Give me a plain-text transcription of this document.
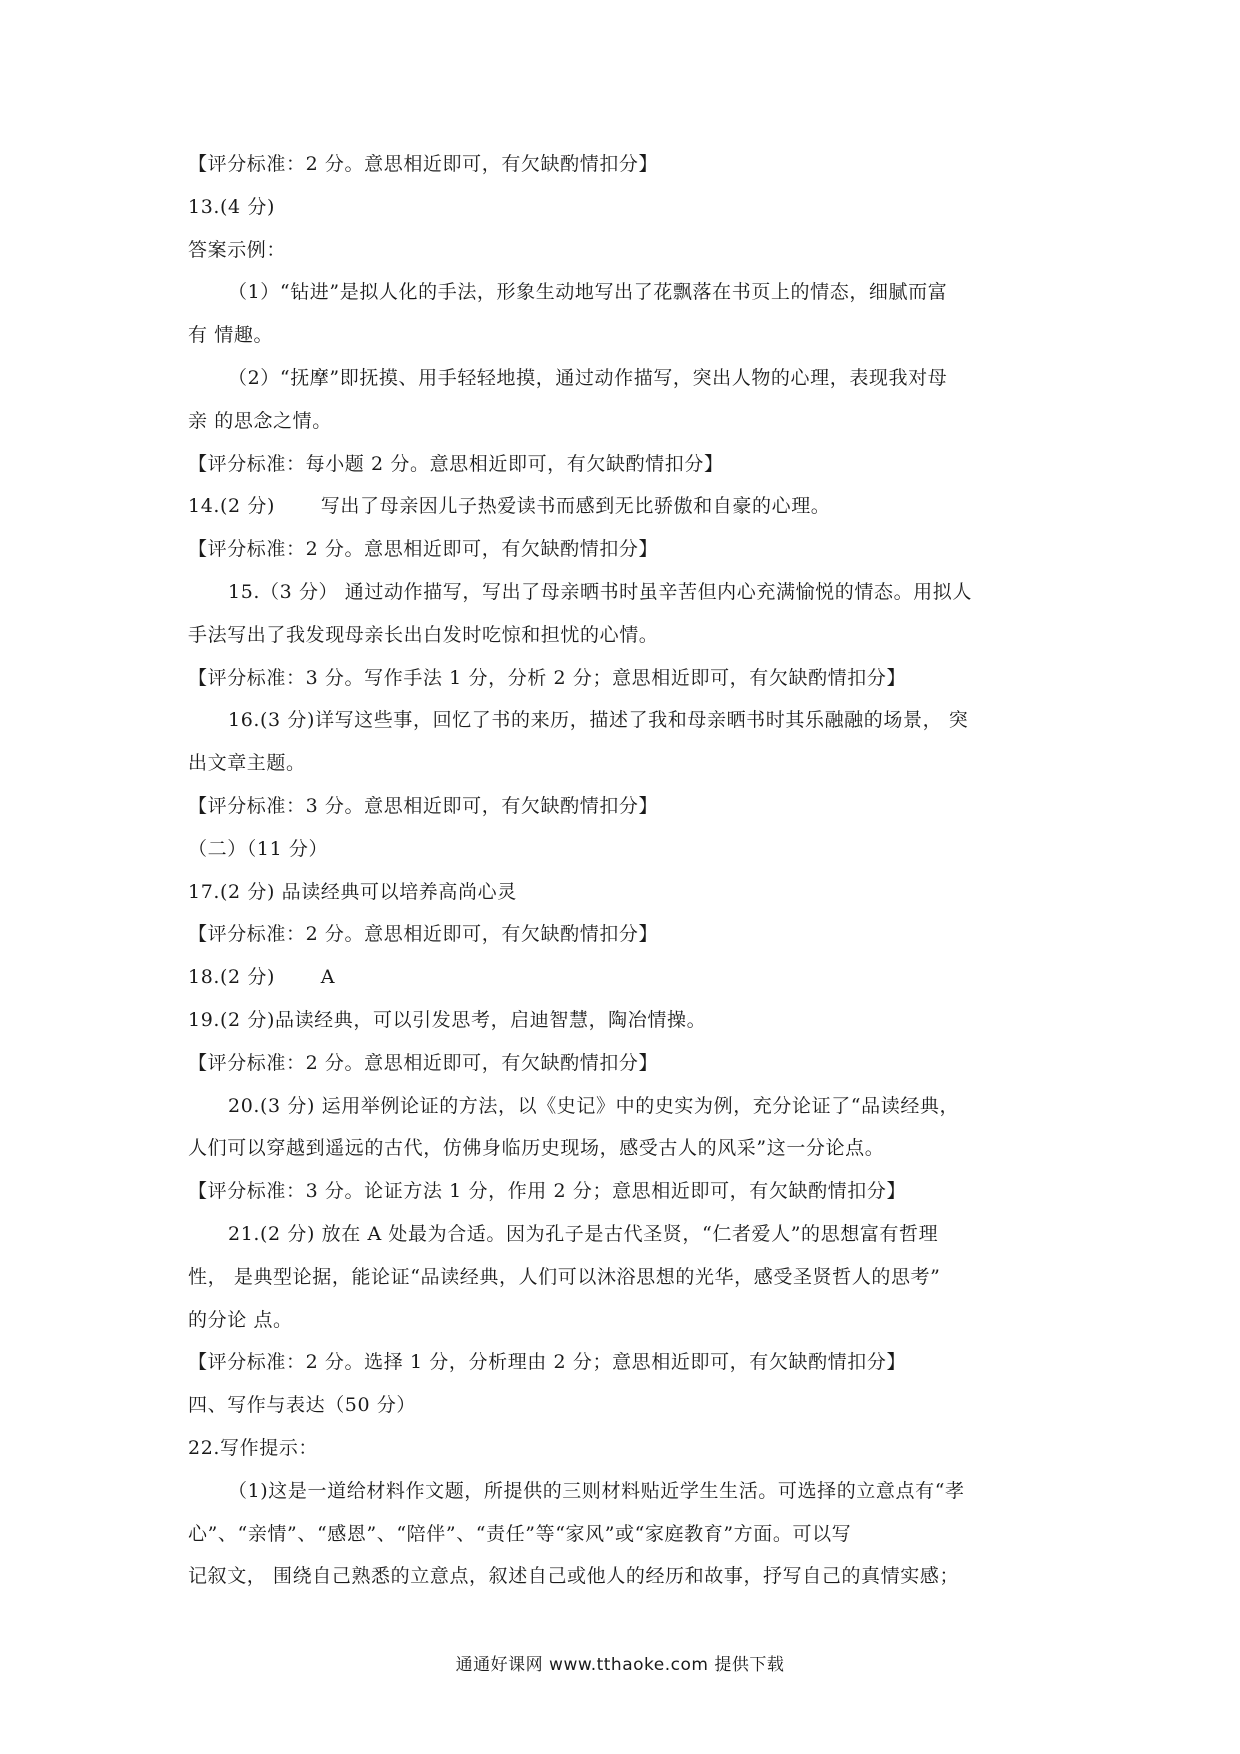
【评分标准：2 分。意思相近即可，有欠缺酌情扣分】
13.(4 分)
答案示例：
（1）“钻进”是拟人化的手法，形象生动地写出了花飘落在书页上的情态，细腻而富
有 情趣。
（2）“抚摩”即抚摸、用手轻轻地摸，通过动作描写，突出人物的心理，表现我对母
亲 的思念之情。
【评分标准：每小题 2 分。意思相近即可，有欠缺酌情扣分】
14.(2 分)　　 写出了母亲因儿子热爱读书而感到无比骄傲和自豪的心理。
【评分标准：2 分。意思相近即可，有欠缺酌情扣分】
15.（3 分） 通过动作描写，写出了母亲晒书时虽辛苦但内心充满愉悦的情态。用拟人
手法写出了我发现母亲长出白发时吃惊和担忧的心情。
【评分标准：3 分。写作手法 1 分，分析 2 分；意思相近即可，有欠缺酌情扣分】
16.(3 分)详写这些事，回忆了书的来历，描述了我和母亲晒书时其乐融融的场景， 突
出文章主题。
【评分标准：3 分。意思相近即可，有欠缺酌情扣分】
（二）（11 分）
17.(2 分) 品读经典可以培养高尚心灵
【评分标准：2 分。意思相近即可，有欠缺酌情扣分】
18.(2 分)　　 A
19.(2 分)品读经典，可以引发思考，启迪智慧，陶冶情操。
【评分标准：2 分。意思相近即可，有欠缺酌情扣分】
20.(3 分) 运用举例论证的方法，以《史记》中的史实为例，充分论证了“品读经典，
人们可以穿越到遥远的古代，仿佛身临历史现场，感受古人的风采”这一分论点。
【评分标准：3 分。论证方法 1 分，作用 2 分；意思相近即可，有欠缺酌情扣分】
21.(2 分) 放在 A 处最为合适。因为孔子是古代圣贤，“仁者爱人”的思想富有哲理
性， 是典型论据，能论证“品读经典，人们可以沐浴思想的光华，感受圣贤哲人的思考”
的分论 点。
【评分标准：2 分。选择 1 分，分析理由 2 分；意思相近即可，有欠缺酌情扣分】
四、写作与表达（50 分）
22.写作提示：
（1)这是一道给材料作文题，所提供的三则材料贴近学生生活。可选择的立意点有“孝
心”、“亲情”、“感恩”、“陪伴”、“责任”等“家风”或“家庭教育”方面。可以写
记叙文， 围绕自己熟悉的立意点，叙述自己或他人的经历和故事，抒写自己的真情实感；
通通好课网 www.tthaoke.com 提供下载
